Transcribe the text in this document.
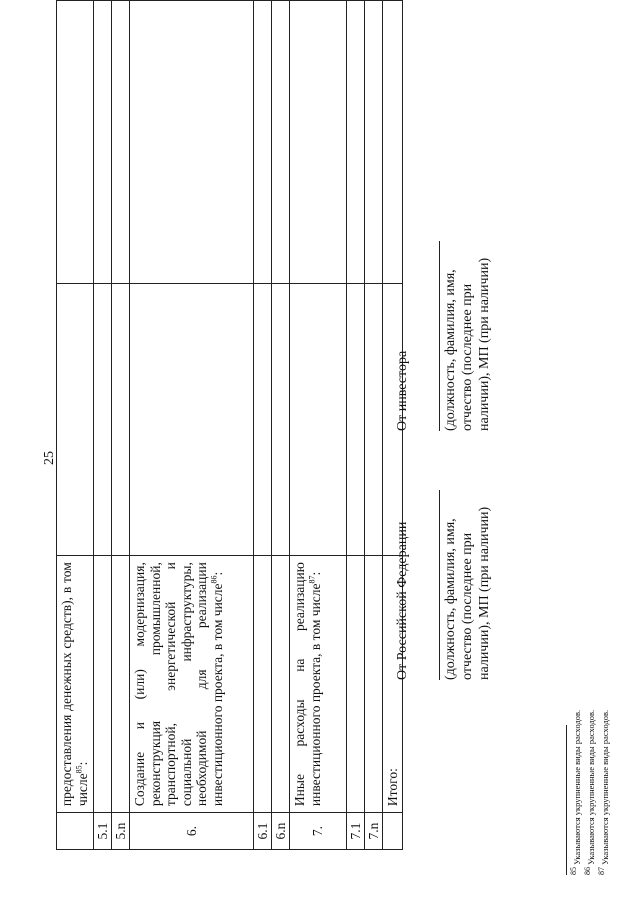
25
	предоставления денежных средств), в том числе$^{85}$:		
5.1			
5.n			
6.	Создание и (или) модернизация, реконструкция промышленной, транспортной, энергетической и социальной инфраструктуры, необходимой для реализации инвестиционного проекта, в том числе$^{86}$:		
6.1			
6.n			
7.	Иные расходы на реализацию инвестиционного проекта, в том числе$^{87}$:		
7.1			
7.n			
	Итого:		
От Российской Федерации (должность, фамилия, имя, отчество (последнее при наличии), МП (при наличии)
От инвестора (должность, фамилия, имя, отчество (последнее при наличии), МП (при наличии)
$^{85}$ Указываются укрупненные виды расходов.
$^{86}$ Указываются укрупненные виды расходов.
$^{87}$ Указываются укрупненные виды расходов.
